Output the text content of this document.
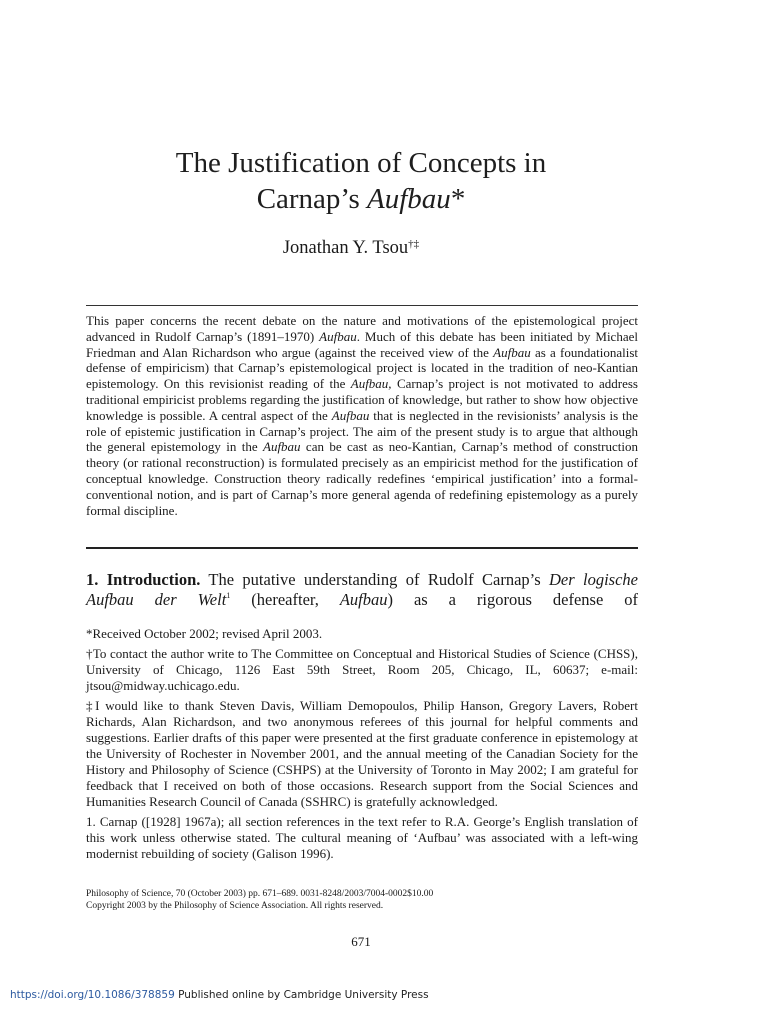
The Justification of Concepts in
Carnap’s Aufbau*
Jonathan Y. Tsou†‡

This paper concerns the recent debate on the nature and motivations of the epistemological project advanced in Rudolf Carnap’s (1891–1970) Aufbau. Much of this debate has been initiated by Michael Friedman and Alan Richardson who argue (against the received view of the Aufbau as a foundationalist defense of empiricism) that Carnap’s epistemological project is located in the tradition of neo-Kantian epistemology. On this revisionist reading of the Aufbau, Carnap’s project is not motivated to address traditional empiricist problems regarding the justification of knowledge, but rather to show how objective knowledge is possible. A central aspect of the Aufbau that is neglected in the revisionists’ analysis is the role of epistemic justification in Carnap’s project. The aim of the present study is to argue that although the general epistemology in the Aufbau can be cast as neo-Kantian, Carnap’s method of construction theory (or rational reconstruction) is formulated precisely as an empiricist method for the justification of conceptual knowledge. Construction theory radically redefines ‘empirical justification’ into a formal-conventional notion, and is part of Carnap’s more general agenda of redefining epistemology as a purely formal discipline.

1. Introduction. The putative understanding of Rudolf Carnap’s Der logische Aufbau der Welt$^1$ (hereafter, Aufbau) as a rigorous defense of

*Received October 2002; revised April 2003.

†To contact the author write to The Committee on Conceptual and Historical Studies of Science (CHSS), University of Chicago, 1126 East 59th Street, Room 205, Chicago, IL, 60637; e-mail: jtsou@midway.uchicago.edu.

‡I would like to thank Steven Davis, William Demopoulos, Philip Hanson, Gregory Lavers, Robert Richards, Alan Richardson, and two anonymous referees of this journal for helpful comments and suggestions. Earlier drafts of this paper were presented at the first graduate conference in epistemology at the University of Rochester in November 2001, and the annual meeting of the Canadian Society for the History and Philosophy of Science (CSHPS) at the University of Toronto in May 2002; I am grateful for feedback that I received on both of those occasions. Research support from the Social Sciences and Humanities Research Council of Canada (SSHRC) is gratefully acknowledged.

1. Carnap ([1928] 1967a); all section references in the text refer to R.A. George’s English translation of this work unless otherwise stated. The cultural meaning of ‘Aufbau’ was associated with a left-wing modernist rebuilding of society (Galison 1996).

Philosophy of Science, 70 (October 2003) pp. 671–689. 0031-8248/2003/7004-0002$10.00
Copyright 2003 by the Philosophy of Science Association. All rights reserved.
671
https://doi.org/10.1086/378859 Published online by Cambridge University Press
